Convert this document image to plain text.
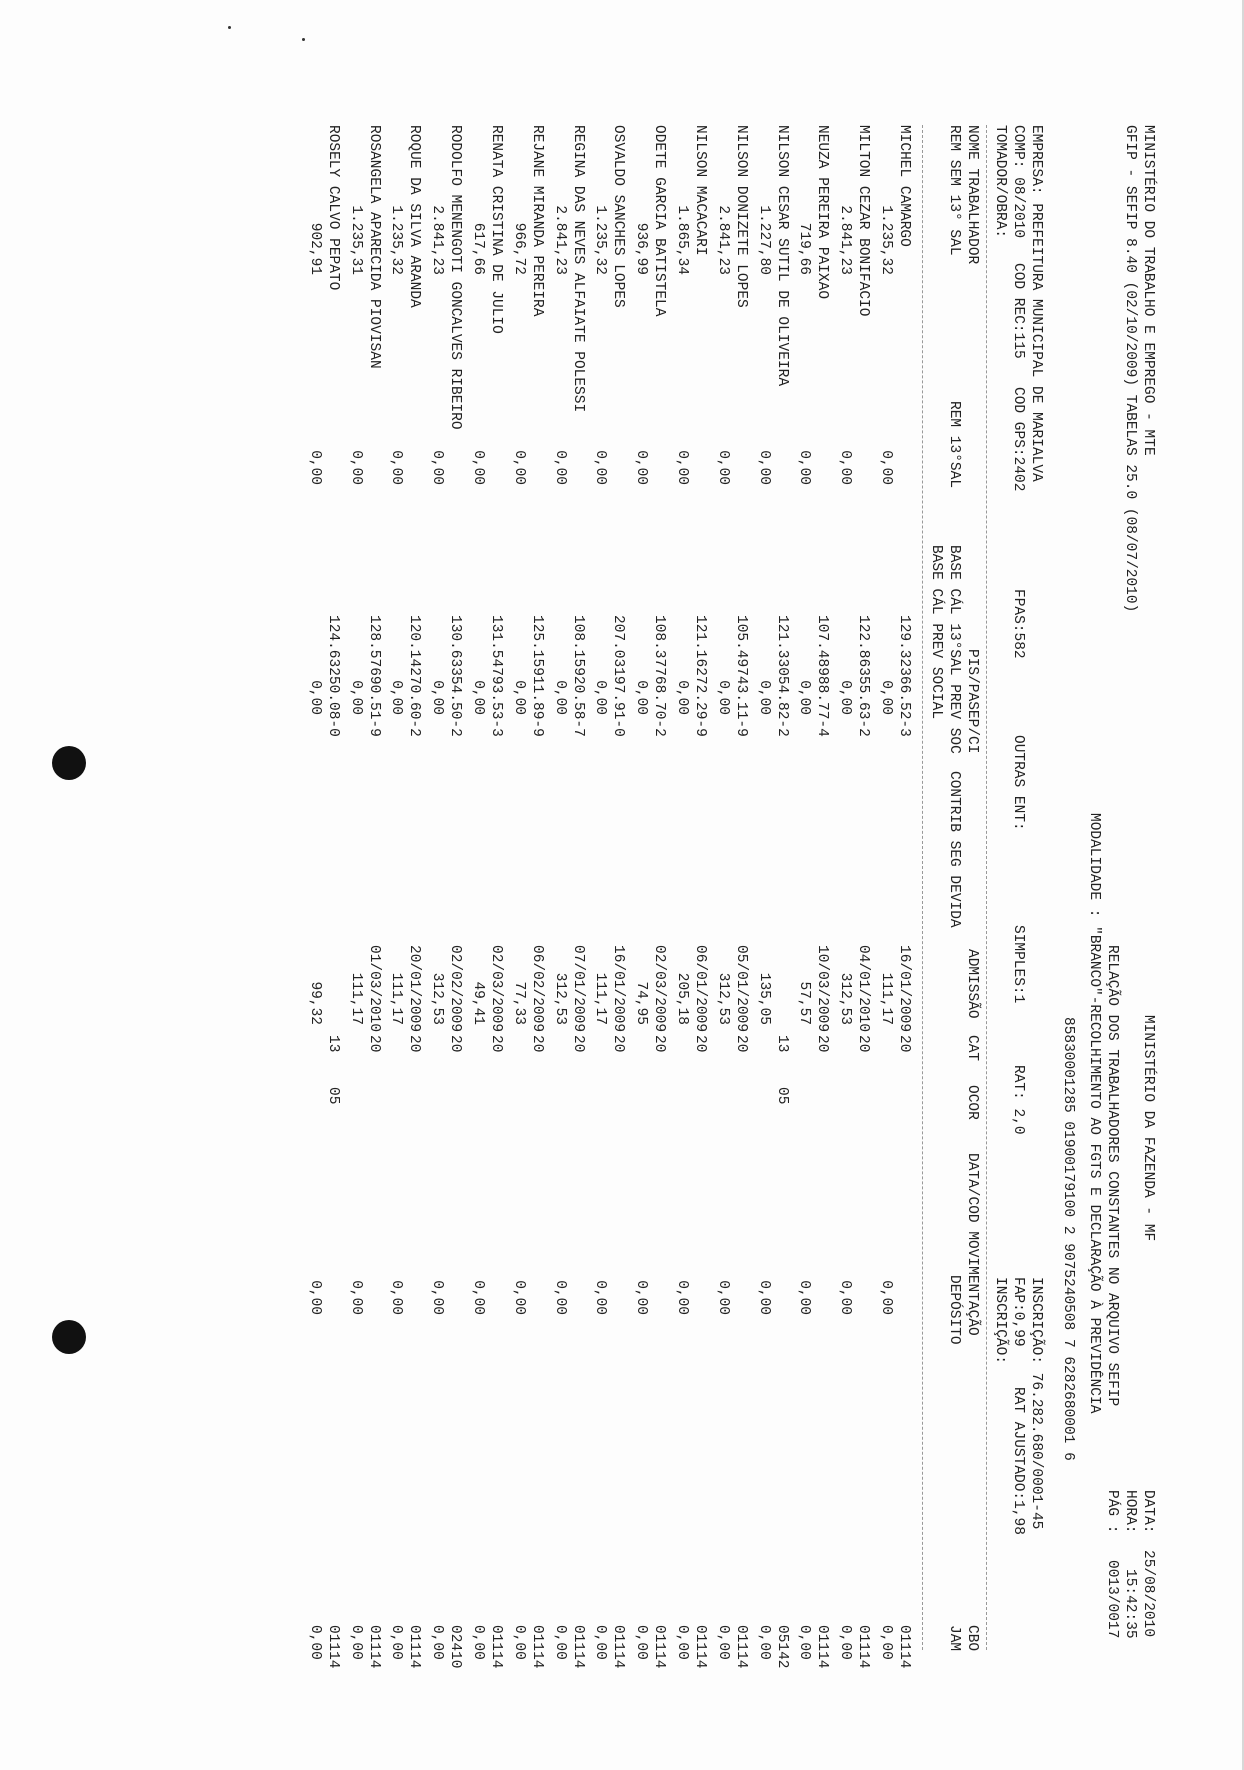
MINISTÉRIO DO TRABALHO E EMPREGO - MTE
GFIP - SEFIP 8.40 (02/10/2009) TABELAS 25.0 (08/07/2010)
MINISTÉRIO DA FAZENDA - MF
RELAÇÃO DOS TRABALHADORES CONSTANTES NO ARQUIVO SEFIP
MODALIDADE : "BRANCO"-RECOLHIMENTO AO FGTS E DECLARAÇÃO À PREVIDÊNCIA
85830001285 01900179100 2 9075240508 7 6282680001 6
DATA:
25/08/2010
HORA:
15:42:35
PÁG :
0013/0017
EMPRESA: PREFEITURA MUNICIPAL DE MARIALVA
INSCRIÇÃO: 76.282.680/0001-45
COMP: 08/2010
COD REC:115
COD GPS:2402
FPAS:582
OUTRAS ENT:
SIMPLES:1
RAT: 2,0
FAP:0,99
RAT AJUSTADO:1,98
TOMADOR/OBRA:
INSCRIÇÃO:
NOME TRABALHADOR
PIS/PASEP/CI
ADMISSÃO
CAT
OCOR
DATA/COD MOVIMENTAÇÃO
CBO
REM SEM 13° SAL
REM 13°SAL
BASE CÁL 13°SAL PREV SOC
CONTRIB SEG DEVIDA
DEPÓSITO
JAM
BASE CÁL PREV SOCIAL
MICHEL CAMARGO
129.32366.52-3
16/01/2009
20
01114
1.235,32
0,00
0,00
111,17
0,00
0,00
MILTON CEZAR BONIFACIO
122.86355.63-2
04/01/2010
20
01114
2.841,23
0,00
0,00
312,53
0,00
0,00
NEUZA PEREIRA PAIXAO
107.48988.77-4
10/03/2009
20
01114
719,66
0,00
0,00
57,57
0,00
0,00
NILSON CESAR SUTIL DE OLIVEIRA
121.33054.82-2
13
05
05142
1.227,80
0,00
0,00
135,05
0,00
0,00
NILSON DONIZETE LOPES
105.49743.11-9
05/01/2009
20
01114
2.841,23
0,00
0,00
312,53
0,00
0,00
NILSON MACACARI
121.16272.29-9
06/01/2009
20
01114
1.865,34
0,00
0,00
205,18
0,00
0,00
ODETE GARCIA BATISTELA
108.37768.70-2
02/03/2009
20
01114
936,99
0,00
0,00
74,95
0,00
0,00
OSVALDO SANCHES LOPES
207.03197.91-0
16/01/2009
20
01114
1.235,32
0,00
0,00
111,17
0,00
0,00
REGINA DAS NEVES ALFAIATE POLESSI
108.15920.58-7
07/01/2009
20
01114
2.841,23
0,00
0,00
312,53
0,00
0,00
REJANE MIRANDA PEREIRA
125.15911.89-9
06/02/2009
20
01114
966,72
0,00
0,00
77,33
0,00
0,00
RENATA CRISTINA DE JULIO
131.54793.53-3
02/03/2009
20
01114
617,66
0,00
0,00
49,41
0,00
0,00
RODOLFO MENENGOTI GONCALVES RIBEIRO
130.63354.50-2
02/02/2009
20
02410
2.841,23
0,00
0,00
312,53
0,00
0,00
ROQUE DA SILVA ARANDA
120.14270.60-2
20/01/2009
20
01114
1.235,32
0,00
0,00
111,17
0,00
0,00
ROSANGELA APARECIDA PIOVISAN
128.57690.51-9
01/03/2010
20
01114
1.235,31
0,00
0,00
111,17
0,00
0,00
ROSELY CALVO PEPATO
124.63250.08-0
13
05
01114
902,91
0,00
0,00
99,32
0,00
0,00
